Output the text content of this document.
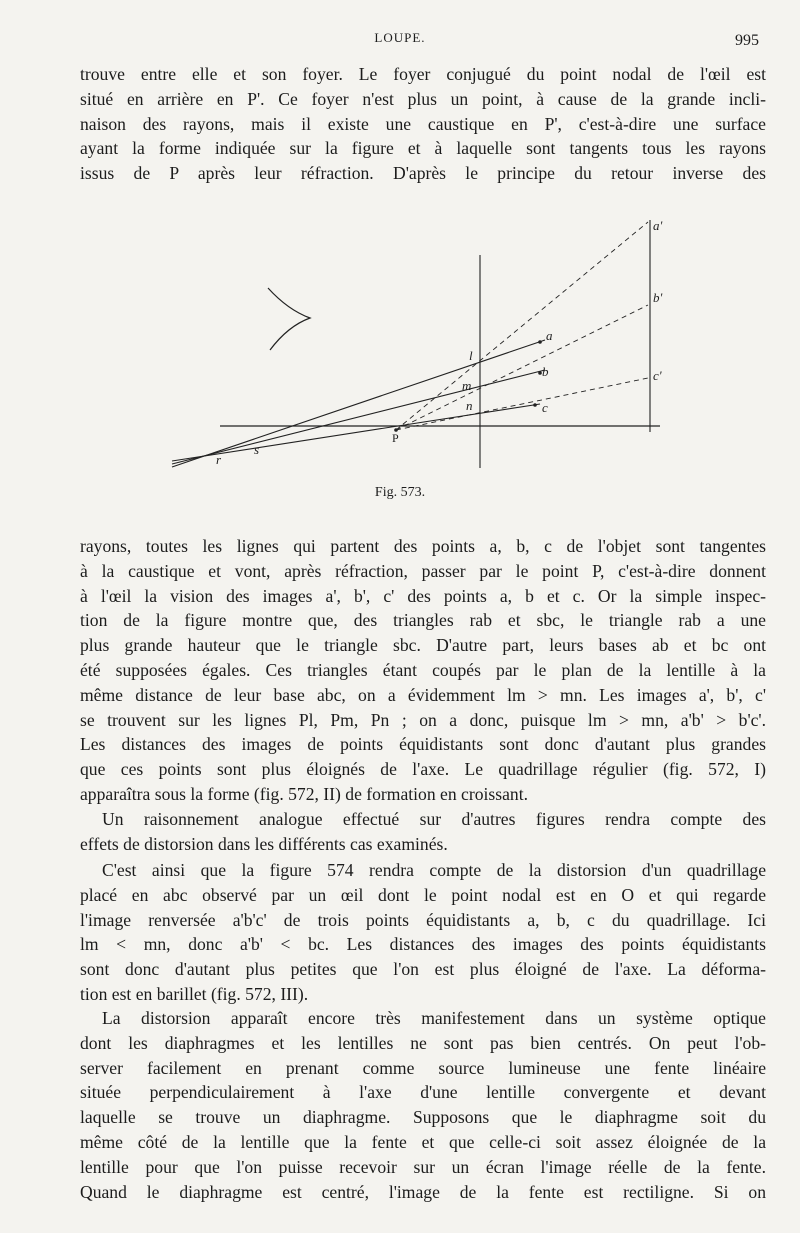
LOUPE.	995
trouve entre elle et son foyer. Le foyer conjugué du point nodal de l'œil est
situé en arrière en P'. Ce foyer n'est plus un point, à cause de la grande incli-
naison des rayons, mais il existe une caustique en P', c'est-à-dire une surface
ayant la forme indiquée sur la figure et à laquelle sont tangents tous les rayons
issus de P après leur réfraction. D'après le principe du retour inverse des
a'
b'
c'
a
b
c
l
m
n
P
r
s
Fig. 573.
rayons, toutes les lignes qui partent des points a, b, c de l'objet sont tangentes
à la caustique et vont, après réfraction, passer par le point P, c'est-à-dire donnent
à l'œil la vision des images a', b', c' des points a, b et c. Or la simple inspec-
tion de la figure montre que, des triangles rab et sbc, le triangle rab a une
plus grande hauteur que le triangle sbc. D'autre part, leurs bases ab et bc ont
été supposées égales. Ces triangles étant coupés par le plan de la lentille à la
même distance de leur base abc, on a évidemment lm > mn. Les images a', b', c'
se trouvent sur les lignes Pl, Pm, Pn ; on a donc, puisque lm > mn, a'b' > b'c'.
Les distances des images de points équidistants sont donc d'autant plus grandes
que ces points sont plus éloignés de l'axe. Le quadrillage régulier (fig. 572, I)
apparaîtra sous la forme (fig. 572, II) de formation en croissant.
Un raisonnement analogue effectué sur d'autres figures rendra compte des
effets de distorsion dans les différents cas examinés.
C'est ainsi que la figure 574 rendra compte de la distorsion d'un quadrillage
placé en abc observé par un œil dont le point nodal est en O et qui regarde
l'image renversée a'b'c' de trois points équidistants a, b, c du quadrillage. Ici
lm < mn, donc a'b' < bc. Les distances des images des points équidistants
sont donc d'autant plus petites que l'on est plus éloigné de l'axe. La déforma-
tion est en barillet (fig. 572, III).
La distorsion apparaît encore très manifestement dans un système optique
dont les diaphragmes et les lentilles ne sont pas bien centrés. On peut l'ob-
server facilement en prenant comme source lumineuse une fente linéaire
située perpendiculairement à l'axe d'une lentille convergente et devant
laquelle se trouve un diaphragme. Supposons que le diaphragme soit du
même côté de la lentille que la fente et que celle-ci soit assez éloignée de la
lentille pour que l'on puisse recevoir sur un écran l'image réelle de la fente.
Quand le diaphragme est centré, l'image de la fente est rectiligne. Si on
